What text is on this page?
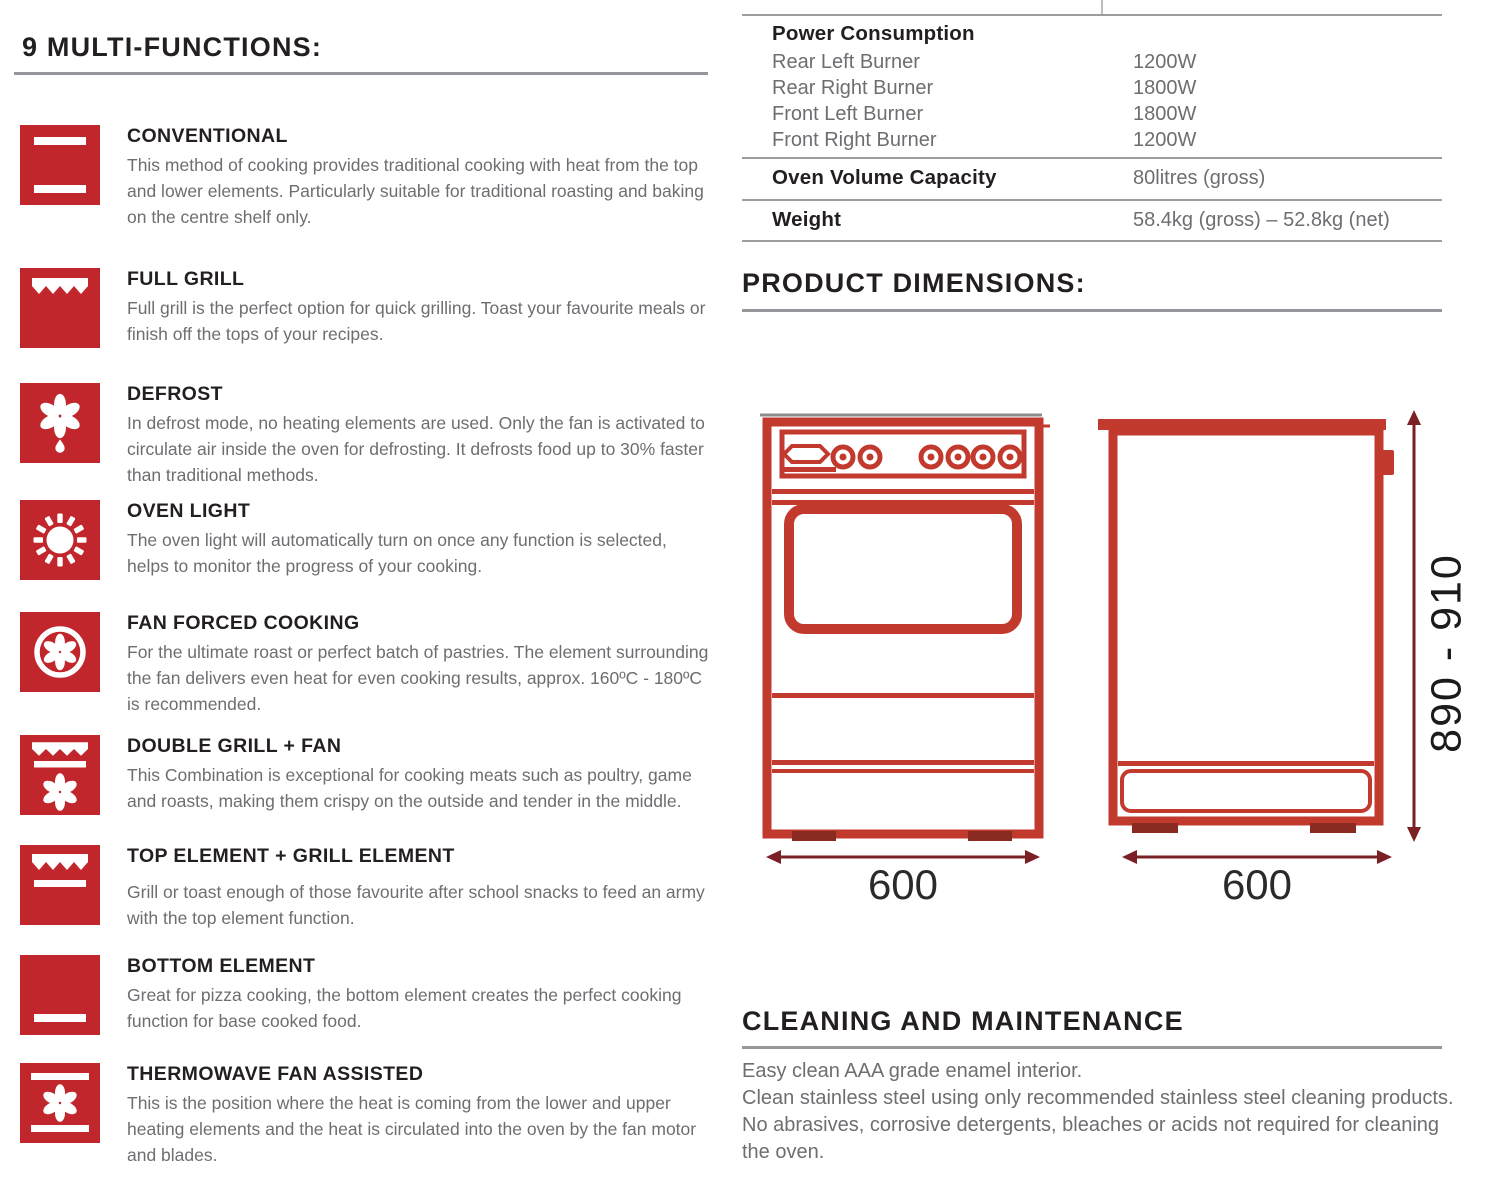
9 MULTI-FUNCTIONS:
CONVENTIONAL

This method of cooking provides traditional cooking with heat from the top and lower elements. Particularly suitable for traditional roasting and baking on the centre shelf only.

FULL GRILL

Full grill is the perfect option for quick grilling. Toast your favourite meals or finish off the tops of your recipes.

DEFROST

In defrost mode, no heating elements are used. Only the fan is activated to circulate air inside the oven for defrosting. It defrosts food up to 30% faster than traditional methods.

OVEN LIGHT

The oven light will automatically turn on once any function is selected, helps to monitor the progress of your cooking.

FAN FORCED COOKING

For the ultimate roast or perfect batch of pastries. The element surrounding the fan delivers even heat for even cooking results, approx. 160ºC - 180ºC is recommended.

DOUBLE GRILL + FAN

This Combination is exceptional for cooking meats such as poultry, game and roasts, making them crispy on the outside and tender in the middle.

TOP ELEMENT + GRILL ELEMENT

Grill or toast enough of those favourite after school snacks to feed an army with the top element function.

BOTTOM ELEMENT

Great for pizza cooking, the bottom element creates the perfect cooking function for base cooked food.

THERMOWAVE FAN ASSISTED

This is the position where the heat is coming from the lower and upper heating elements and the heat is circulated into the oven by the fan motor and blades.

Power Consumption
Rear Left Burner	1200W
Rear Right Burner	1800W
Front Left Burner	1800W
Front Right Burner	1200W
Oven Volume Capacity	80litres (gross)
Weight	58.4kg (gross) – 52.8kg (net)
PRODUCT DIMENSIONS:
890 - 910
600	600
CLEANING AND MAINTENANCE

Easy clean AAA grade enamel interior.

Clean stainless steel using only recommended stainless steel cleaning products. No abrasives, corrosive detergents, bleaches or acids not required for cleaning the oven.
